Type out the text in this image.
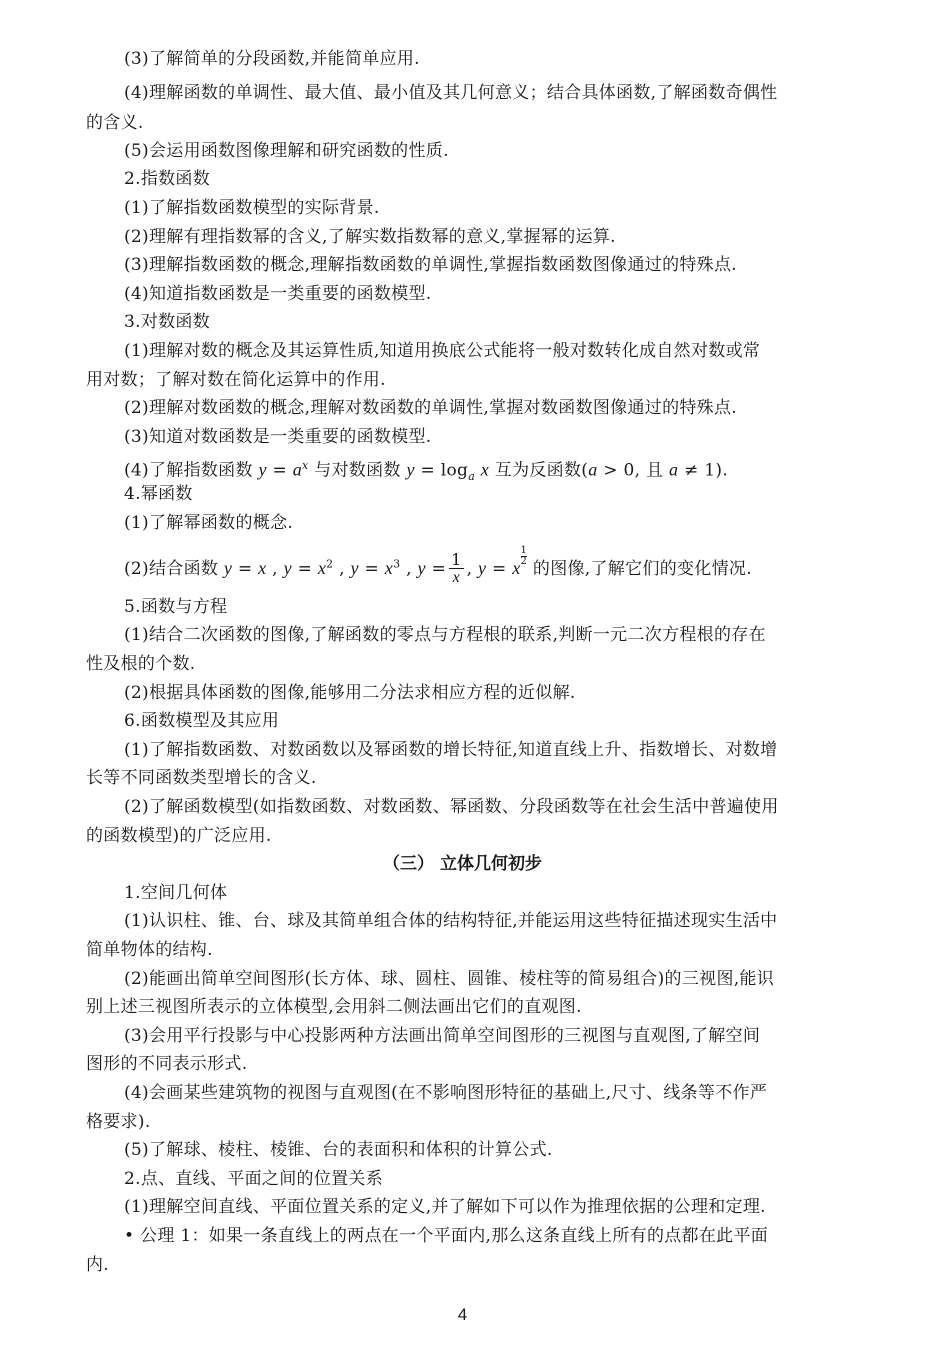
(3)了解简单的分段函数,并能简单应用.
(4)理解函数的单调性、最大值、最小值及其几何意义；结合具体函数,了解函数奇偶性
的含义.
(5)会运用函数图像理解和研究函数的性质.
2.指数函数
(1)了解指数函数模型的实际背景.
(2)理解有理指数幂的含义,了解实数指数幂的意义,掌握幂的运算.
(3)理解指数函数的概念,理解指数函数的单调性,掌握指数函数图像通过的特殊点.
(4)知道指数函数是一类重要的函数模型.
3.对数函数
(1)理解对数的概念及其运算性质,知道用换底公式能将一般对数转化成自然对数或常
用对数；了解对数在简化运算中的作用.
(2)理解对数函数的概念,理解对数函数的单调性,掌握对数函数图像通过的特殊点.
(3)知道对数函数是一类重要的函数模型.
(4)了解指数函数 $y = a^x$ 与对数函数 $y = \log_a x$ 互为反函数(a > 0, 且 a ≠ 1).
4.幂函数
(1)了解幂函数的概念.
(2)结合函数 y = x , $y = x^2$ , $y = x^3$ , $y = \frac{1}{x}$ , y = x
$\frac{1}{2}$
的图像,了解它们的变化情况.
5.函数与方程
(1)结合二次函数的图像,了解函数的零点与方程根的联系,判断一元二次方程根的存在
性及根的个数.
(2)根据具体函数的图像,能够用二分法求相应方程的近似解.
6.函数模型及其应用
(1)了解指数函数、对数函数以及幂函数的增长特征,知道直线上升、指数增长、对数增
长等不同函数类型增长的含义.
(2)了解函数模型(如指数函数、对数函数、幂函数、分段函数等在社会生活中普遍使用
的函数模型)的广泛应用.
（三） 立体几何初步
1.空间几何体
(1)认识柱、锥、台、球及其简单组合体的结构特征,并能运用这些特征描述现实生活中
简单物体的结构.
(2)能画出简单空间图形(长方体、球、圆柱、圆锥、棱柱等的简易组合)的三视图,能识
别上述三视图所表示的立体模型,会用斜二侧法画出它们的直观图.
(3)会用平行投影与中心投影两种方法画出简单空间图形的三视图与直观图,了解空间
图形的不同表示形式.
(4)会画某些建筑物的视图与直观图(在不影响图形特征的基础上,尺寸、线条等不作严
格要求).
(5)了解球、棱柱、棱锥、台的表面积和体积的计算公式.
2.点、直线、平面之间的位置关系
(1)理解空间直线、平面位置关系的定义,并了解如下可以作为推理依据的公理和定理.
• 公理 1：如果一条直线上的两点在一个平面内,那么这条直线上所有的点都在此平面
内.
4
